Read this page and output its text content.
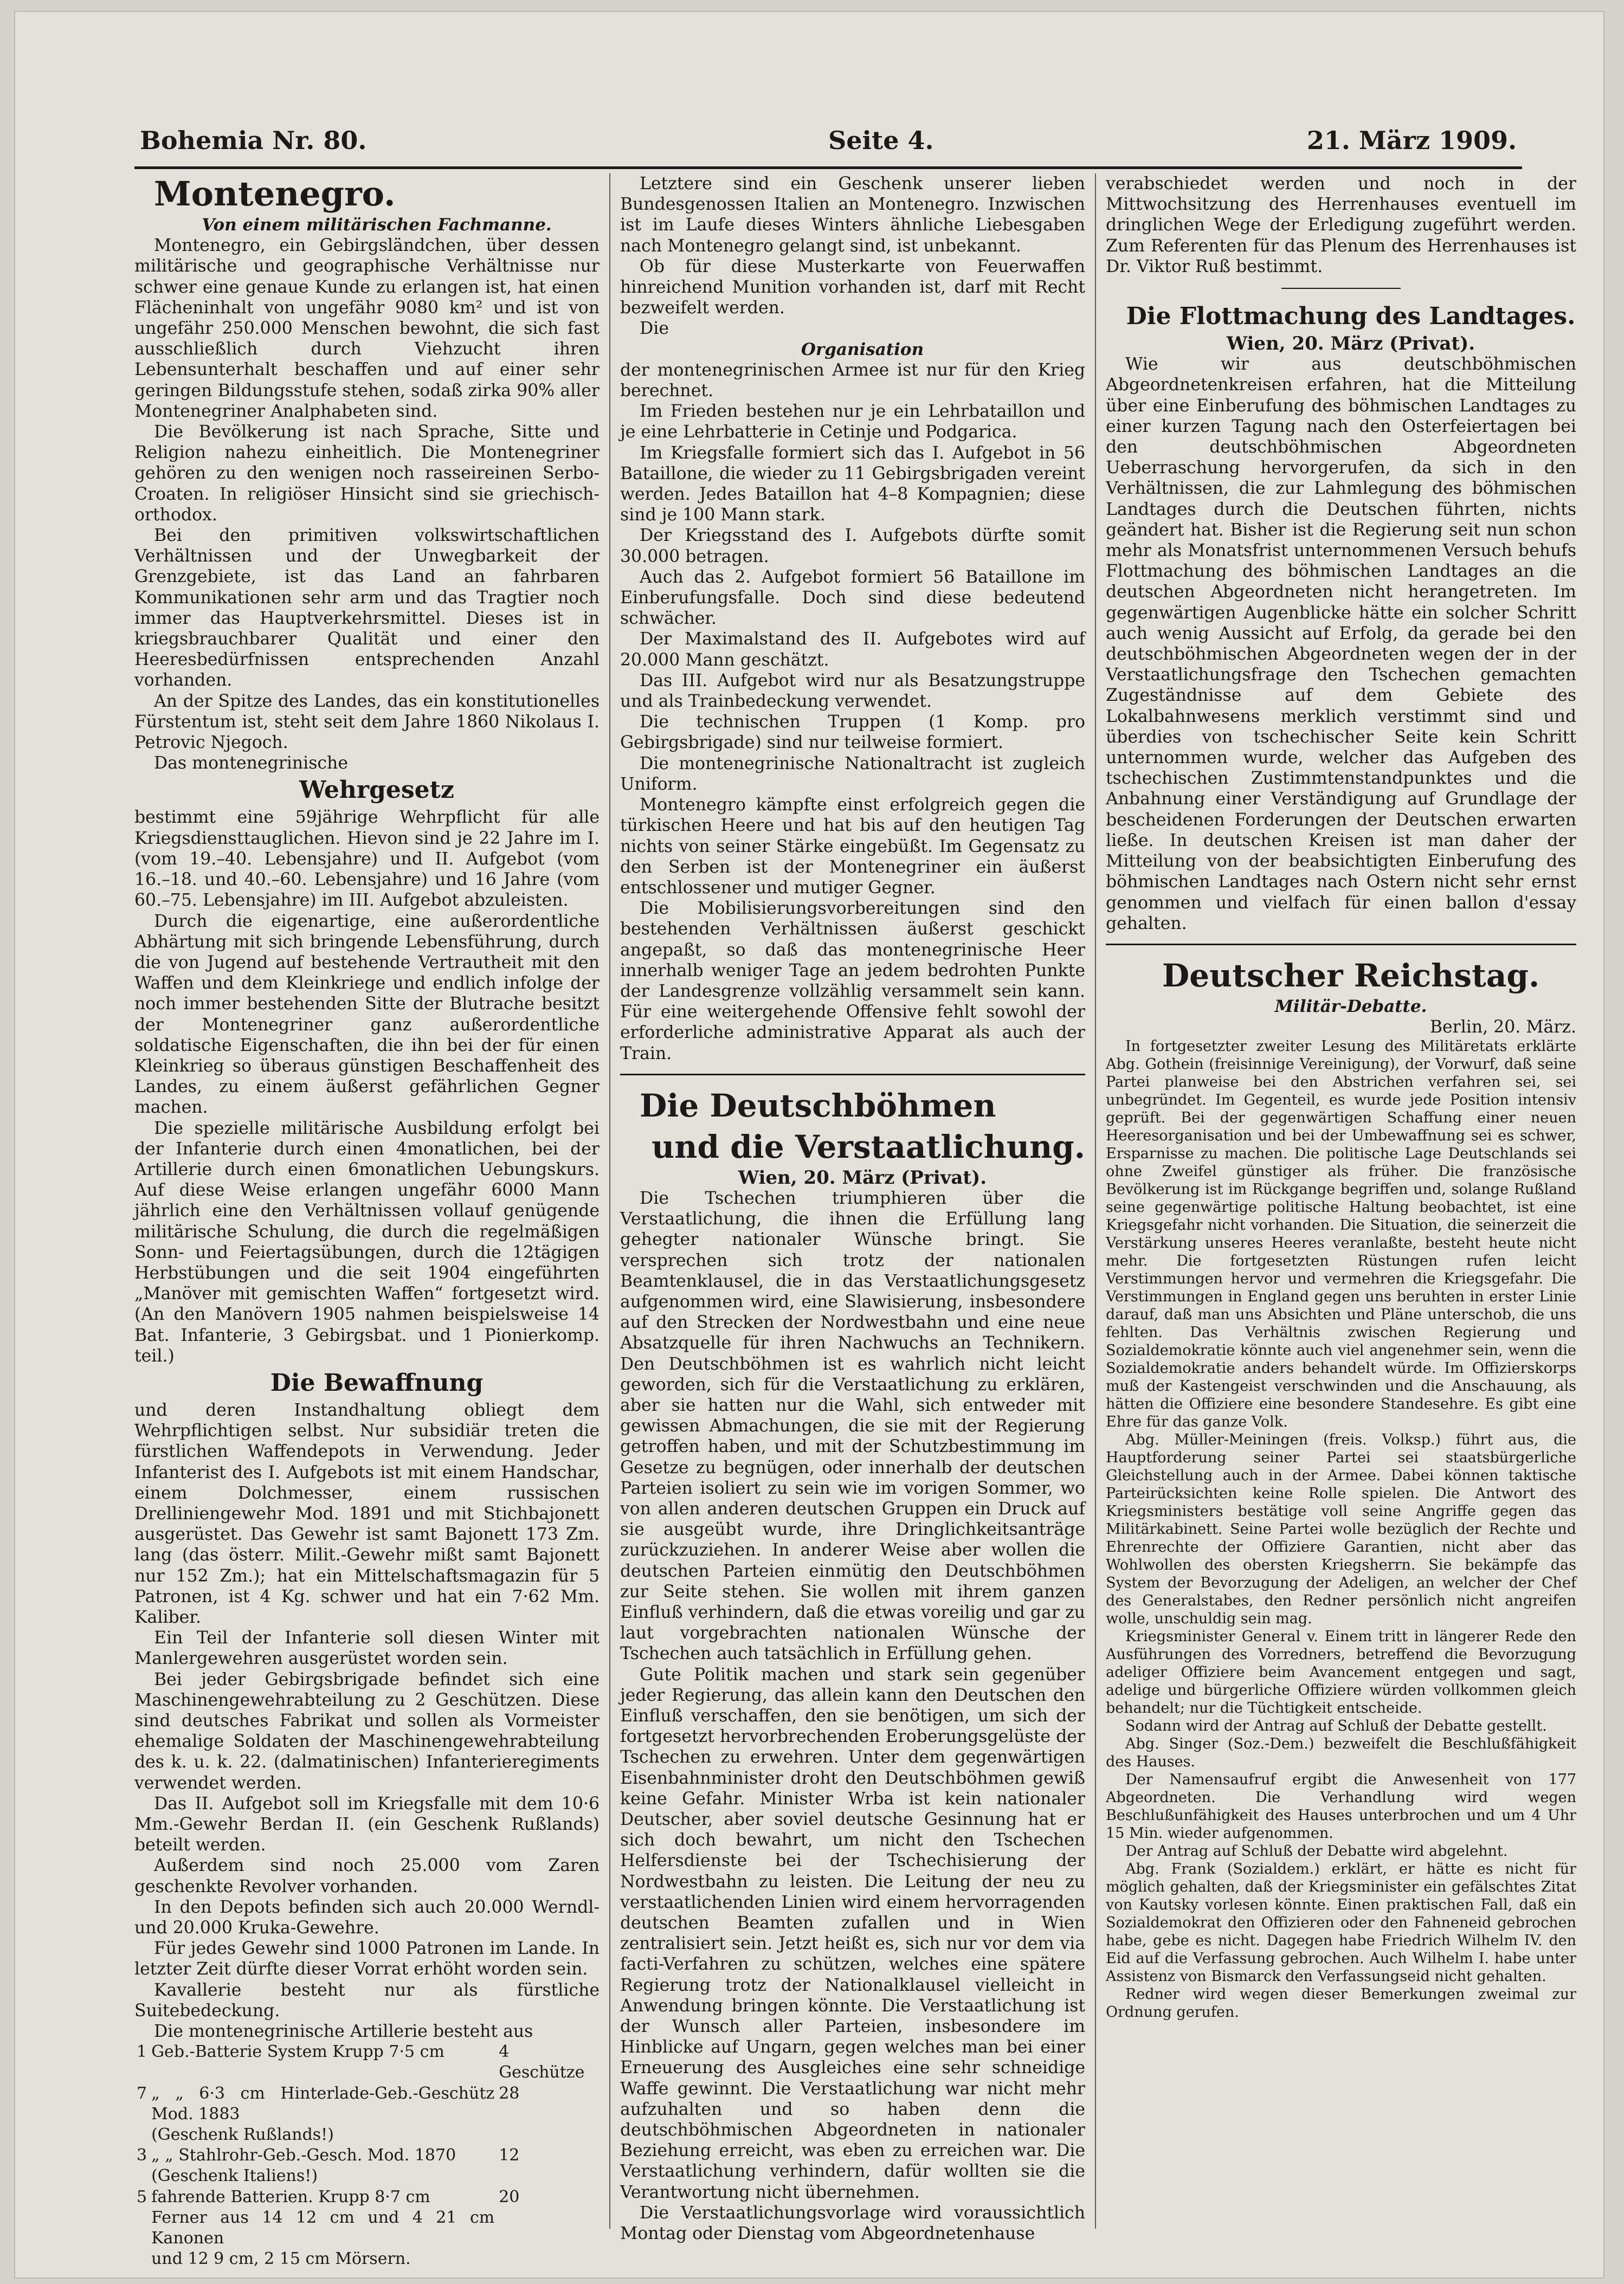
Bohemia Nr. 80.	Seite 4.	21. März 1909.

Montenegro.

Von einem militärischen Fachmanne.

Montenegro, ein Gebirgsländchen, über dessen militärische und geographische Verhältnisse nur schwer eine genaue Kunde zu erlangen ist, hat einen Flächeninhalt von ungefähr 9080 km² und ist von ungefähr 250.000 Menschen bewohnt, die sich fast ausschließlich durch Viehzucht ihren Lebensunterhalt beschaffen und auf einer sehr geringen Bildungsstufe stehen, sodaß zirka 90% aller Montenegriner Analphabeten sind.

Die Bevölkerung ist nach Sprache, Sitte und Religion nahezu einheitlich. Die Montenegriner gehören zu den wenigen noch rasseireinen Serbo-Croaten. In religiöser Hinsicht sind sie griechisch-orthodox.

Bei den primitiven volkswirtschaftlichen Verhältnissen und der Unwegbarkeit der Grenzgebiete, ist das Land an fahrbaren Kommunikationen sehr arm und das Tragtier noch immer das Hauptverkehrsmittel. Dieses ist in kriegsbrauchbarer Qualität und einer den Heeresbedürfnissen entsprechenden Anzahl vorhanden.

An der Spitze des Landes, das ein konstitutionelles Fürstentum ist, steht seit dem Jahre 1860 Nikolaus I. Petrovic Njegoch.

Das montenegrinische

Wehrgesetz

bestimmt eine 59jährige Wehrpflicht für alle Kriegsdiensttauglichen. Hievon sind je 22 Jahre im I. (vom 19.–40. Lebensjahre) und II. Aufgebot (vom 16.–18. und 40.–60. Lebensjahre) und 16 Jahre (vom 60.–75. Lebensjahre) im III. Aufgebot abzuleisten.

Durch die eigenartige, eine außerordentliche Abhärtung mit sich bringende Lebensführung, durch die von Jugend auf bestehende Vertrautheit mit den Waffen und dem Kleinkriege und endlich infolge der noch immer bestehenden Sitte der Blutrache besitzt der Montenegriner ganz außerordentliche soldatische Eigenschaften, die ihn bei der für einen Kleinkrieg so überaus günstigen Beschaffenheit des Landes, zu einem äußerst gefährlichen Gegner machen.

Die spezielle militärische Ausbildung erfolgt bei der Infanterie durch einen 4monatlichen, bei der Artillerie durch einen 6monatlichen Uebungskurs. Auf diese Weise erlangen ungefähr 6000 Mann jährlich eine den Verhältnissen vollauf genügende militärische Schulung, die durch die regelmäßigen Sonn- und Feiertagsübungen, durch die 12tägigen Herbstübungen und die seit 1904 eingeführten „Manöver mit gemischten Waffen“ fortgesetzt wird. (An den Manövern 1905 nahmen beispielsweise 14 Bat. Infanterie, 3 Gebirgsbat. und 1 Pionierkomp. teil.)

Die Bewaffnung

und deren Instandhaltung obliegt dem Wehrpflichtigen selbst. Nur subsidiär treten die fürstlichen Waffendepots in Verwendung. Jeder Infanterist des I. Aufgebots ist mit einem Handschar, einem Dolchmesser, einem russischen Drelliniengewehr Mod. 1891 und mit Stichbajonett ausgerüstet. Das Gewehr ist samt Bajonett 173 Zm. lang (das österr. Milit.-Gewehr mißt samt Bajonett nur 152 Zm.); hat ein Mittelschaftsmagazin für 5 Patronen, ist 4 Kg. schwer und hat ein 7·62 Mm. Kaliber.

Ein Teil der Infanterie soll diesen Winter mit Manlergewehren ausgerüstet worden sein.

Bei jeder Gebirgsbrigade befindet sich eine Maschinengewehrabteilung zu 2 Geschützen. Diese sind deutsches Fabrikat und sollen als Vormeister ehemalige Soldaten der Maschinengewehrabteilung des k. u. k. 22. (dalmatinischen) Infanterieregiments verwendet werden.

Das II. Aufgebot soll im Kriegsfalle mit dem 10·6 Mm.-Gewehr Berdan II. (ein Geschenk Rußlands) beteilt werden.

Außerdem sind noch 25.000 vom Zaren geschenkte Revolver vorhanden.

In den Depots befinden sich auch 20.000 Werndl- und 20.000 Kruka-Gewehre.

Für jedes Gewehr sind 1000 Patronen im Lande. In letzter Zeit dürfte dieser Vorrat erhöht worden sein.

Kavallerie besteht nur als fürstliche Suitebedeckung.

Die montenegrinische Artillerie besteht aus

1	Geb.-Batterie System Krupp 7·5 cm	4 Geschütze
7	„ „ 6·3 cm Hinterlade-Geb.-Geschütz Mod. 1883	28
	(Geschenk Rußlands!)	
3	„ „ Stahlrohr-Geb.-Gesch. Mod. 1870	12
	(Geschenk Italiens!)	
5	fahrende Batterien. Krupp 8·7 cm	20
	Ferner aus 14 12 cm und 4 21 cm Kanonen	
	und 12 9 cm, 2 15 cm Mörsern.	

Letztere sind ein Geschenk unserer lieben Bundesgenossen Italien an Montenegro. Inzwischen ist im Laufe dieses Winters ähnliche Liebesgaben nach Montenegro gelangt sind, ist unbekannt.

Ob für diese Musterkarte von Feuerwaffen hinreichend Munition vorhanden ist, darf mit Recht bezweifelt werden.

Die

Organisation

der montenegrinischen Armee ist nur für den Krieg berechnet.

Im Frieden bestehen nur je ein Lehrbataillon und je eine Lehrbatterie in Cetinje und Podgarica.

Im Kriegsfalle formiert sich das I. Aufgebot in 56 Bataillone, die wieder zu 11 Gebirgsbrigaden vereint werden. Jedes Bataillon hat 4–8 Kompagnien; diese sind je 100 Mann stark.

Der Kriegsstand des I. Aufgebots dürfte somit 30.000 betragen.

Auch das 2. Aufgebot formiert 56 Bataillone im Einberufungsfalle. Doch sind diese bedeutend schwächer.

Der Maximalstand des II. Aufgebotes wird auf 20.000 Mann geschätzt.

Das III. Aufgebot wird nur als Besatzungstruppe und als Trainbedeckung verwendet.

Die technischen Truppen (1 Komp. pro Gebirgsbrigade) sind nur teilweise formiert.

Die montenegrinische Nationaltracht ist zugleich Uniform.

Montenegro kämpfte einst erfolgreich gegen die türkischen Heere und hat bis auf den heutigen Tag nichts von seiner Stärke eingebüßt. Im Gegensatz zu den Serben ist der Montenegriner ein äußerst entschlossener und mutiger Gegner.

Die Mobilisierungsvorbereitungen sind den bestehenden Verhältnissen äußerst geschickt angepaßt, so daß das montenegrinische Heer innerhalb weniger Tage an jedem bedrohten Punkte der Landesgrenze vollzählig versammelt sein kann. Für eine weitergehende Offensive fehlt sowohl der erforderliche administrative Apparat als auch der Train.

Die Deutschböhmen

und die Verstaatlichung.

Wien, 20. März (Privat).

Die Tschechen triumphieren über die Verstaatlichung, die ihnen die Erfüllung lang gehegter nationaler Wünsche bringt. Sie versprechen sich trotz der nationalen Beamtenklausel, die in das Verstaatlichungsgesetz aufgenommen wird, eine Slawisierung, insbesondere auf den Strecken der Nordwestbahn und eine neue Absatzquelle für ihren Nachwuchs an Technikern. Den Deutschböhmen ist es wahrlich nicht leicht geworden, sich für die Verstaatlichung zu erklären, aber sie hatten nur die Wahl, sich entweder mit gewissen Abmachungen, die sie mit der Regierung getroffen haben, und mit der Schutzbestimmung im Gesetze zu begnügen, oder innerhalb der deutschen Parteien isoliert zu sein wie im vorigen Sommer, wo von allen anderen deutschen Gruppen ein Druck auf sie ausgeübt wurde, ihre Dringlichkeitsanträge zurückzuziehen. In anderer Weise aber wollen die deutschen Parteien einmütig den Deutschböhmen zur Seite stehen. Sie wollen mit ihrem ganzen Einfluß verhindern, daß die etwas voreilig und gar zu laut vorgebrachten nationalen Wünsche der Tschechen auch tatsächlich in Erfüllung gehen.

Gute Politik machen und stark sein gegenüber jeder Regierung, das allein kann den Deutschen den Einfluß verschaffen, den sie benötigen, um sich der fortgesetzt hervorbrechenden Eroberungsgelüste der Tschechen zu erwehren. Unter dem gegenwärtigen Eisenbahnminister droht den Deutschböhmen gewiß keine Gefahr. Minister Wrba ist kein nationaler Deutscher, aber soviel deutsche Gesinnung hat er sich doch bewahrt, um nicht den Tschechen Helfersdienste bei der Tschechisierung der Nordwestbahn zu leisten. Die Leitung der neu zu verstaatlichenden Linien wird einem hervorragenden deutschen Beamten zufallen und in Wien zentralisiert sein. Jetzt heißt es, sich nur vor dem via facti-Verfahren zu schützen, welches eine spätere Regierung trotz der Nationalklausel vielleicht in Anwendung bringen könnte. Die Verstaatlichung ist der Wunsch aller Parteien, insbesondere im Hinblicke auf Ungarn, gegen welches man bei einer Erneuerung des Ausgleiches eine sehr schneidige Waffe gewinnt. Die Verstaatlichung war nicht mehr aufzuhalten und so haben denn die deutschböhmischen Abgeordneten in nationaler Beziehung erreicht, was eben zu erreichen war. Die Verstaatlichung verhindern, dafür wollten sie die Verantwortung nicht übernehmen.

Die Verstaatlichungsvorlage wird voraussichtlich Montag oder Dienstag vom Abgeordnetenhause

verabschiedet werden und noch in der Mittwochsitzung des Herrenhauses eventuell im dringlichen Wege der Erledigung zugeführt werden. Zum Referenten für das Plenum des Herrenhauses ist Dr. Viktor Ruß bestimmt.

Die Flottmachung des Landtages.

Wien, 20. März (Privat).

Wie wir aus deutschböhmischen Abgeordnetenkreisen erfahren, hat die Mitteilung über eine Einberufung des böhmischen Landtages zu einer kurzen Tagung nach den Osterfeiertagen bei den deutschböhmischen Abgeordneten Ueberraschung hervorgerufen, da sich in den Verhältnissen, die zur Lahmlegung des böhmischen Landtages durch die Deutschen führten, nichts geändert hat. Bisher ist die Regierung seit nun schon mehr als Monatsfrist unternommenen Versuch behufs Flottmachung des böhmischen Landtages an die deutschen Abgeordneten nicht herangetreten. Im gegenwärtigen Augenblicke hätte ein solcher Schritt auch wenig Aussicht auf Erfolg, da gerade bei den deutschböhmischen Abgeordneten wegen der in der Verstaatlichungsfrage den Tschechen gemachten Zugeständnisse auf dem Gebiete des Lokalbahnwesens merklich verstimmt sind und überdies von tschechischer Seite kein Schritt unternommen wurde, welcher das Aufgeben des tschechischen Zustimmtenstandpunktes und die Anbahnung einer Verständigung auf Grundlage der bescheidenen Forderungen der Deutschen erwarten ließe. In deutschen Kreisen ist man daher der Mitteilung von der beabsichtigten Einberufung des böhmischen Landtages nach Ostern nicht sehr ernst genommen und vielfach für einen ballon d'essay gehalten.

Deutscher Reichstag.

Militär-Debatte.

Berlin, 20. März.

In fortgesetzter zweiter Lesung des Militäretats erklärte Abg. Gothein (freisinnige Vereinigung), der Vorwurf, daß seine Partei planweise bei den Abstrichen verfahren sei, sei unbegründet. Im Gegenteil, es wurde jede Position intensiv geprüft. Bei der gegenwärtigen Schaffung einer neuen Heeresorganisation und bei der Umbewaffnung sei es schwer, Ersparnisse zu machen. Die politische Lage Deutschlands sei ohne Zweifel günstiger als früher. Die französische Bevölkerung ist im Rückgange begriffen und, solange Rußland seine gegenwärtige politische Haltung beobachtet, ist eine Kriegsgefahr nicht vorhanden. Die Situation, die seinerzeit die Verstärkung unseres Heeres veranlaßte, besteht heute nicht mehr. Die fortgesetzten Rüstungen rufen leicht Verstimmungen hervor und vermehren die Kriegsgefahr. Die Verstimmungen in England gegen uns beruhten in erster Linie darauf, daß man uns Absichten und Pläne unterschob, die uns fehlten. Das Verhältnis zwischen Regierung und Sozialdemokratie könnte auch viel angenehmer sein, wenn die Sozialdemokratie anders behandelt würde. Im Offizierskorps muß der Kastengeist verschwinden und die Anschauung, als hätten die Offiziere eine besondere Standesehre. Es gibt eine Ehre für das ganze Volk.

Abg. Müller-Meiningen (freis. Volksp.) führt aus, die Hauptforderung seiner Partei sei staatsbürgerliche Gleichstellung auch in der Armee. Dabei können taktische Parteirücksichten keine Rolle spielen. Die Antwort des Kriegsministers bestätige voll seine Angriffe gegen das Militärkabinett. Seine Partei wolle bezüglich der Rechte und Ehrenrechte der Offiziere Garantien, nicht aber das Wohlwollen des obersten Kriegsherrn. Sie bekämpfe das System der Bevorzugung der Adeligen, an welcher der Chef des Generalstabes, den Redner persönlich nicht angreifen wolle, unschuldig sein mag.

Kriegsminister General v. Einem tritt in längerer Rede den Ausführungen des Vorredners, betreffend die Bevorzugung adeliger Offiziere beim Avancement entgegen und sagt, adelige und bürgerliche Offiziere würden vollkommen gleich behandelt; nur die Tüchtigkeit entscheide.

Sodann wird der Antrag auf Schluß der Debatte gestellt.

Abg. Singer (Soz.-Dem.) bezweifelt die Beschlußfähigkeit des Hauses.

Der Namensaufruf ergibt die Anwesenheit von 177 Abgeordneten. Die Verhandlung wird wegen Beschlußunfähigkeit des Hauses unterbrochen und um 4 Uhr 15 Min. wieder aufgenommen.

Der Antrag auf Schluß der Debatte wird abgelehnt.

Abg. Frank (Sozialdem.) erklärt, er hätte es nicht für möglich gehalten, daß der Kriegsminister ein gefälschtes Zitat von Kautsky vorlesen könnte. Einen praktischen Fall, daß ein Sozialdemokrat den Offizieren oder den Fahneneid gebrochen habe, gebe es nicht. Dagegen habe Friedrich Wilhelm IV. den Eid auf die Verfassung gebrochen. Auch Wilhelm I. habe unter Assistenz von Bismarck den Verfassungseid nicht gehalten.

Redner wird wegen dieser Bemerkungen zweimal zur Ordnung gerufen.
